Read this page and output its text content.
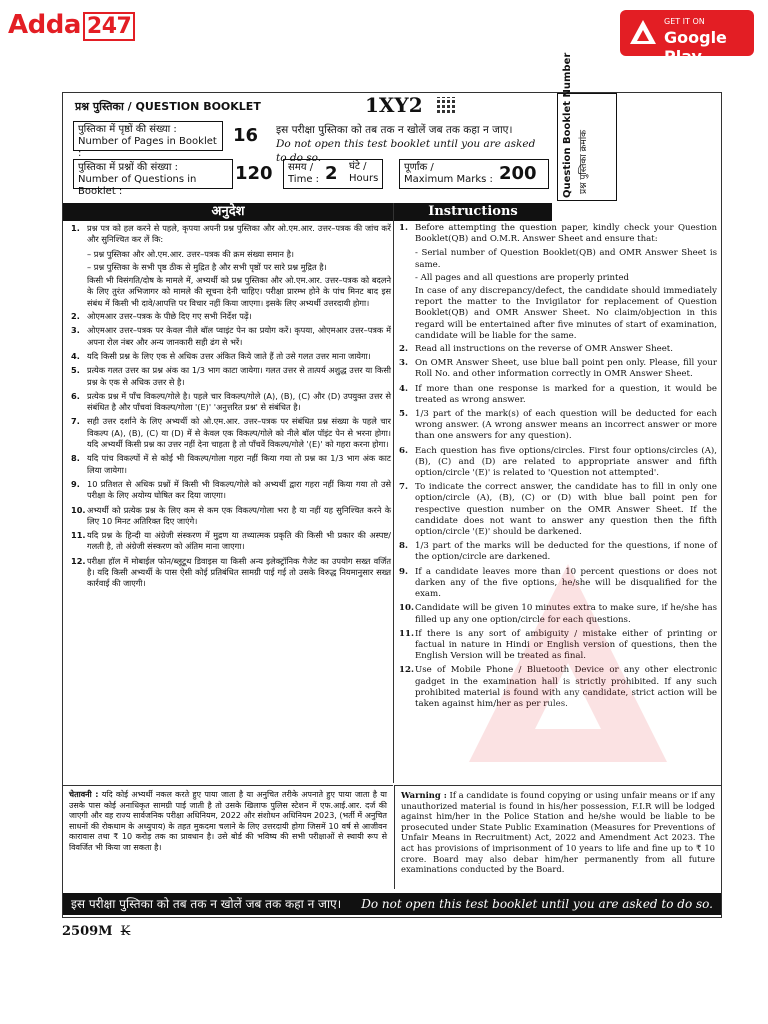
Adda 247	GET IT ON
Google Play
प्रश्न पुस्तिका / QUESTION BOOKLET	1XY2
पुस्तिका में पृष्ठों की संख्या :
Number of Pages in Booklet :
16 इस परीक्षा पुस्तिका को तब तक न खोलें जब तक कहा न जाए।
Do not open this test booklet until you are asked to do so.
पुस्तिका में प्रश्नों की संख्या :
Number of Questions in Booklet :
120 समय /
Time : 2 घंटे /
Hours
पूर्णांक /
Maximum Marks : 200	Question Booklet Number प्रश्न पुस्तिका क्रमांक
अनुदेश	Instructions
1. प्रश्न पत्र को हल करने से पहले, कृपया अपनी प्रश्न पुस्तिका और ओ.एम.आर. उत्तर–पत्रक की जांच करें और सुनिश्चित कर लें कि:
– प्रश्न पुस्तिका और ओ.एम.आर. उत्तर–पत्रक की क्रम संख्या समान है।
– प्रश्न पुस्तिका के सभी पृष्ठ ठीक से मुद्रित है और सभी पृष्ठों पर सारे प्रश्न मुद्रित है।
किसी भी विसंगति/दोष के मामले में, अभ्यर्थी को प्रश्न पुस्तिका और ओ.एम.आर. उत्तर–पत्रक को बदलने के लिए तुरंत अभिजागर को मामले की सूचना देनी चाहिए। परीक्षा प्रारम्भ होने के पांच मिनट बाद इस संबंध में किसी भी दावे/आपत्ति पर विचार नहीं किया जाएगा। इसके लिए अभ्यर्थी उत्तरदायी होगा।
2. ओएमआर उत्तर–पत्रक के पीछे दिए गए सभी निर्देश पढ़ें।
3. ओएमआर उत्तर–पत्रक पर केवल नीले बॉल प्वाइंट पेन का प्रयोग करें। कृपया, ओएमआर उत्तर–पत्रक में अपना रोल नंबर और अन्य जानकारी सही ढंग से भरें।
4. यदि किसी प्रश्न के लिए एक से अधिक उत्तर अंकित किये जाते हैं तो उसे गलत उत्तर माना जायेगा।
5. प्रत्येक गलत उत्तर का प्रश्न अंक का 1/3 भाग काटा जायेगा। गलत उत्तर से तात्पर्य अशुद्ध उत्तर या किसी प्रश्न के एक से अधिक उत्तर से है।
6. प्रत्येक प्रश्न में पाँच विकल्प/गोले है। पहले चार विकल्प/गोले (A), (B), (C) और (D) उपयुक्त उत्तर से संबंधित है और पाँचवां विकल्प/गोला '(E)' 'अनुत्तरित प्रश्न' से संबंधित है।
7. सही उत्तर दर्शाने के लिए अभ्यर्थी को ओ.एम.आर. उत्तर–पत्रक पर संबंधित प्रश्न संख्या के पहले चार विकल्प (A), (B), (C) या (D) में से केवल एक विकल्प/गोले को नीले बॉल पॉइंट पेन से भरना होगा। यदि अभ्यर्थी किसी प्रश्न का उत्तर नहीं देना चाहता है तो पाँचवें विकल्प/गोले '(E)' को गहरा करना होगा।
8. यदि पांच विकल्पों में से कोई भी विकल्प/गोला गहरा नहीं किया गया तो प्रश्न का 1/3 भाग अंक काट लिया जायेगा।
9. 10 प्रतिशत से अधिक प्रश्नों में किसी भी विकल्प/गोले को अभ्यर्थी द्वारा गहरा नहीं किया गया तो उसे परीक्षा के लिए अयोग्य घोषित कर दिया जाएगा।
10. अभ्यर्थी को प्रत्येक प्रश्न के लिए कम से कम एक विकल्प/गोला भरा है या नहीं यह सुनिश्चित करने के लिए 10 मिनट अतिरिक्त दिए जाएंगे।
11. यदि प्रश्न के हिन्दी या अंग्रेजी संस्करण में मुद्रण या तथ्यात्मक प्रकृति की किसी भी प्रकार की अस्पष्ट/गलती है, तो अंग्रेजी संस्करण को अंतिम माना जाएगा।
12. परीक्षा हॉल में मोबाईल फोन/ब्लूटूथ डिवाइस या किसी अन्य इलेक्ट्रॉनिक गैजेट का उपयोग सख्त वर्जित है। यदि किसी अभ्यर्थी के पास ऐसी कोई प्रतिबंधित सामग्री पाई गई तो उसके विरुद्ध नियमानुसार सख्त कार्रवाई की जाएगी।
1. Before attempting the question paper, kindly check your Question Booklet(QB) and O.M.R. Answer Sheet and ensure that:
- Serial number of Question Booklet(QB) and OMR Answer Sheet is same.
- All pages and all questions are properly printed
In case of any discrepancy/defect, the candidate should immediately report the matter to the Invigilator for replacement of Question Booklet(QB) and OMR Answer Sheet. No claim/objection in this regard will be entertained after five minutes of start of examination, candidate will be liable for the same.
2. Read all instructions on the reverse of OMR Answer Sheet.
3. On OMR Answer Sheet, use blue ball point pen only. Please, fill your Roll No. and other information correctly in OMR Answer Sheet.
4. If more than one response is marked for a question, it would be treated as wrong answer.
5. 1/3 part of the mark(s) of each question will be deducted for each wrong answer. (A wrong answer means an incorrect answer or more than one answers for any question).
6. Each question has five options/circles. First four options/circles (A), (B), (C) and (D) are related to appropriate answer and fifth option/circle '(E)' is related to 'Question not attempted'.
7. To indicate the correct answer, the candidate has to fill in only one option/circle (A), (B), (C) or (D) with blue ball point pen for respective question number on the OMR Answer Sheet. If the candidate does not want to answer any question then the fifth option/circle '(E)' should be darkened.
8. 1/3 part of the marks will be deducted for the questions, if none of the option/circle are darkened.
9. If a candidate leaves more than 10 percent questions or does not darken any of the five options, he/she will be disqualified for the exam.
10. Candidate will be given 10 minutes extra to make sure, if he/she has filled up any one option/circle for each questions.
11. If there is any sort of ambiguity / mistake either of printing or factual in nature in Hindi or English version of questions, then the English Version will be treated as final.
12. Use of Mobile Phone / Bluetooth Device or any other electronic gadget in the examination hall is strictly prohibited. If any such prohibited material is found with any candidate, strict action will be taken against him/her as per rules.
चेतावनी : यदि कोई अभ्यर्थी नकल करते हुए पाया जाता है या अनुचित तरीके अपनाते हुए पाया जाता है या उसके पास कोई अनाधिकृत सामग्री पाई जाती है तो उसके खिलाफ पुलिस स्टेशन में एफ.आई.आर. दर्ज की जाएगी और वह राज्य सार्वजनिक परीक्षा अधिनियम, 2022 और संशोधन अधिनियम 2023, (भर्ती में अनुचित साधनों की रोकथाम के अध्युपाय) के तहत मुकदमा चलाने के लिए उत्तरदायी होगा जिसमें 10 वर्ष से आजीवन कारावास तथा ₹ 10 करोड़ तक का प्रावधान है। उसे बोर्ड की भविष्य की सभी परीक्षाओं से स्थायी रूप से विवर्जित भी किया जा सकता है।
Warning : If a candidate is found copying or using unfair means or if any unauthorized material is found in his/her possession, F.I.R will be lodged against him/her in the Police Station and he/she would be liable to be prosecuted under State Public Examination (Measures for Preventions of Unfair Means in Recruitment) Act, 2022 and Amendment Act 2023. The act has provisions of imprisonment of 10 years to life and fine up to ₹ 10 crore. Board may also debar him/her permanently from all future examinations conducted by the Board.
इस परीक्षा पुस्तिका को तब तक न खोलें जब तक कहा न जाए। Do not open this test booklet until you are asked to do so.
2509M K
